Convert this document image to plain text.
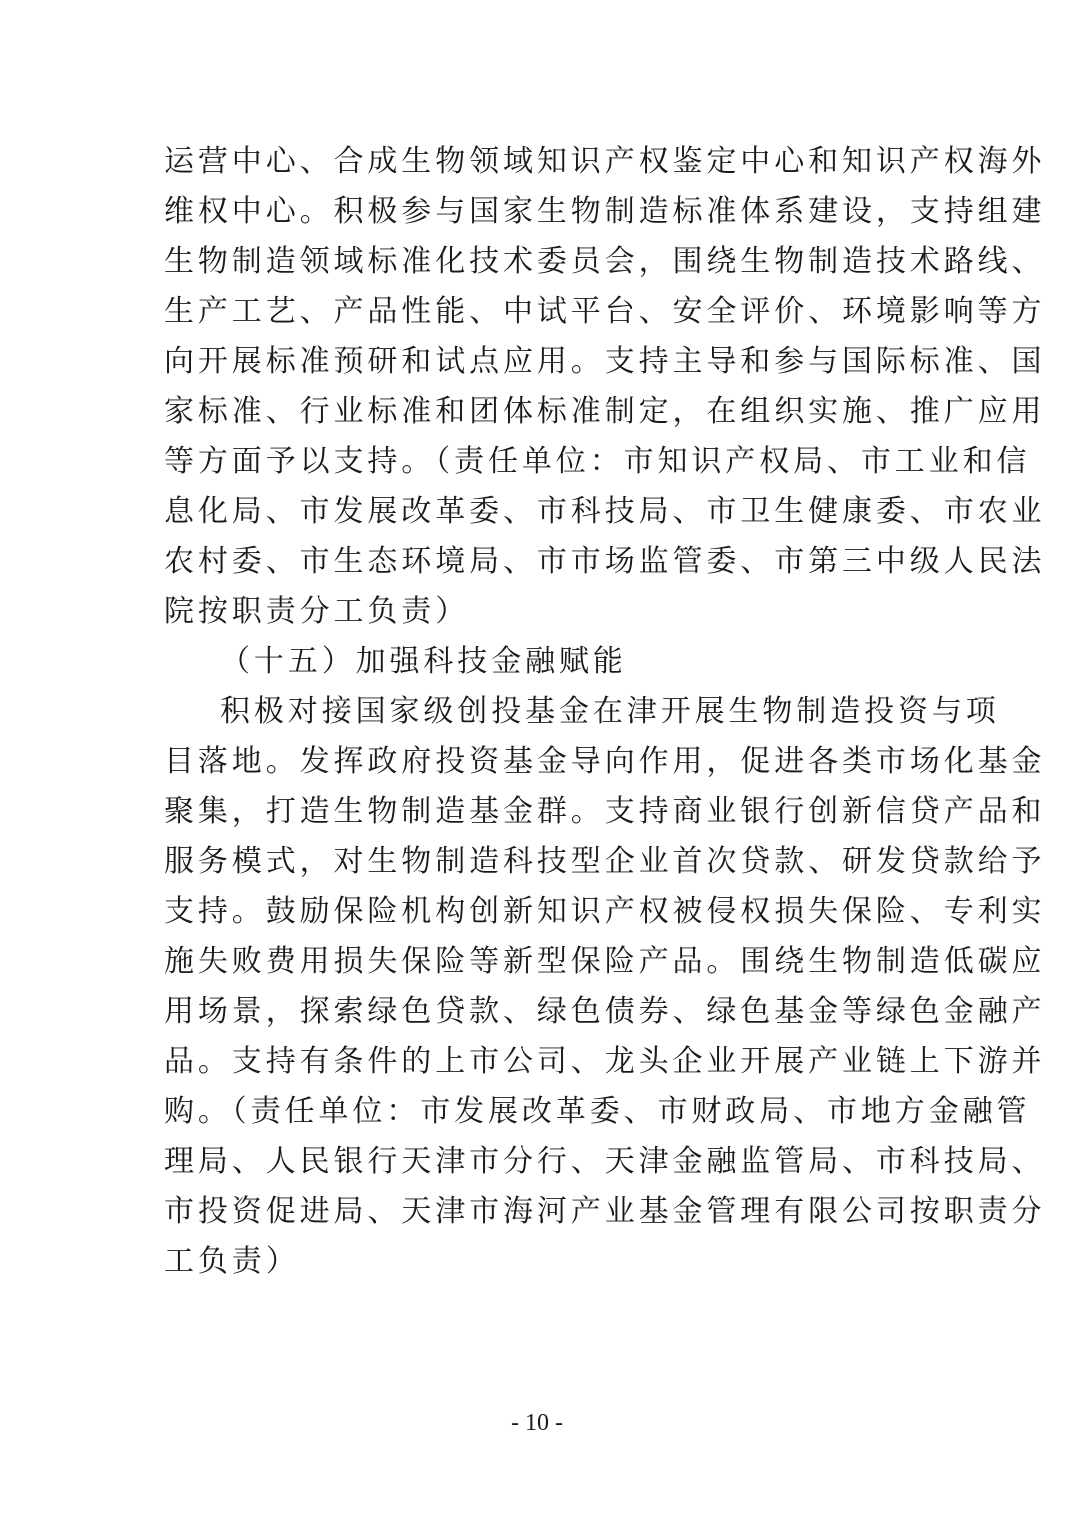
运营中心、合成生物领域知识产权鉴定中心和知识产权海外
维权中心。积极参与国家生物制造标准体系建设，支持组建
生物制造领域标准化技术委员会，围绕生物制造技术路线、
生产工艺、产品性能、中试平台、安全评价、环境影响等方
向开展标准预研和试点应用。支持主导和参与国际标准、国
家标准、行业标准和团体标准制定，在组织实施、推广应用
等方面予以支持。（责任单位：市知识产权局、市工业和信
息化局、市发展改革委、市科技局、市卫生健康委、市农业
农村委、市生态环境局、市市场监管委、市第三中级人民法
院按职责分工负责）
（十五）加强科技金融赋能
积极对接国家级创投基金在津开展生物制造投资与项
目落地。发挥政府投资基金导向作用，促进各类市场化基金
聚集，打造生物制造基金群。支持商业银行创新信贷产品和
服务模式，对生物制造科技型企业首次贷款、研发贷款给予
支持。鼓励保险机构创新知识产权被侵权损失保险、专利实
施失败费用损失保险等新型保险产品。围绕生物制造低碳应
用场景，探索绿色贷款、绿色债券、绿色基金等绿色金融产
品。支持有条件的上市公司、龙头企业开展产业链上下游并
购。（责任单位：市发展改革委、市财政局、市地方金融管
理局、人民银行天津市分行、天津金融监管局、市科技局、
市投资促进局、天津市海河产业基金管理有限公司按职责分
工负责）
- 10 -
